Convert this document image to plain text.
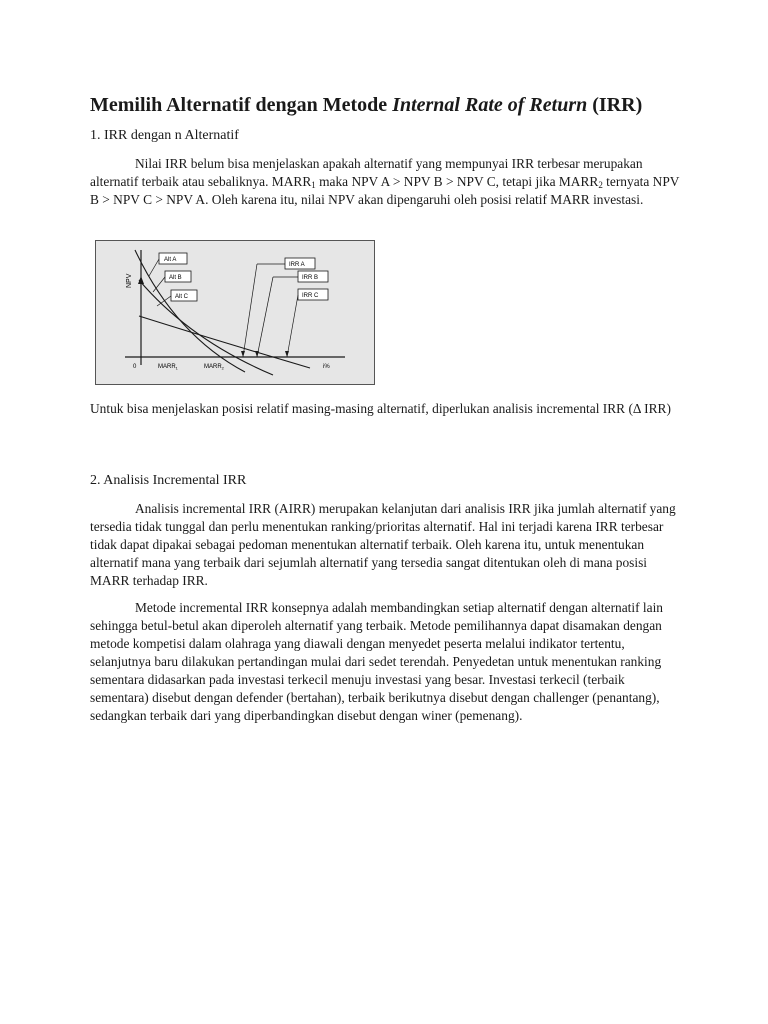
Memilih Alternatif dengan Metode Internal Rate of Return (IRR)

1. IRR dengan n Alternatif

Nilai IRR belum bisa menjelaskan apakah alternatif yang mempunyai IRR terbesar merupakan alternatif terbaik atau sebaliknya. $MARR_1$ maka NPV A > NPV B > NPV C, tetapi jika $MARR_2$ ternyata NPV B > NPV C > NPV A. Oleh karena itu, nilai NPV akan dipengaruhi oleh posisi relatif MARR investasi.

NPV
0	$MARR_1$	$MARR_2$	i%
Alt A
Alt B
Alt C
IRR A
IRR B
IRR C

Untuk bisa menjelaskan posisi relatif masing-masing alternatif, diperlukan analisis incremental IRR (Δ IRR)

2. Analisis Incremental IRR

Analisis incremental IRR (AIRR) merupakan kelanjutan dari analisis IRR jika jumlah alternatif yang tersedia tidak tunggal dan perlu menentukan ranking/prioritas alternatif. Hal ini terjadi karena IRR terbesar tidak dapat dipakai sebagai pedoman menentukan alternatif terbaik. Oleh karena itu, untuk menentukan alternatif mana yang terbaik dari sejumlah alternatif yang tersedia sangat ditentukan oleh di mana posisi MARR terhadap IRR.

Metode incremental IRR konsepnya adalah membandingkan setiap alternatif dengan alternatif lain sehingga betul-betul akan diperoleh alternatif yang terbaik. Metode pemilihannya dapat disamakan dengan metode kompetisi dalam olahraga yang diawali dengan menyedet peserta melalui indikator tertentu, selanjutnya baru dilakukan pertandingan mulai dari sedet terendah. Penyedetan untuk menentukan ranking sementara didasarkan pada investasi terkecil menuju investasi yang besar. Investasi terkecil (terbaik sementara) disebut dengan defender (bertahan), terbaik berikutnya disebut dengan challenger (penantang), sedangkan terbaik dari yang diperbandingkan disebut dengan winer (pemenang).
